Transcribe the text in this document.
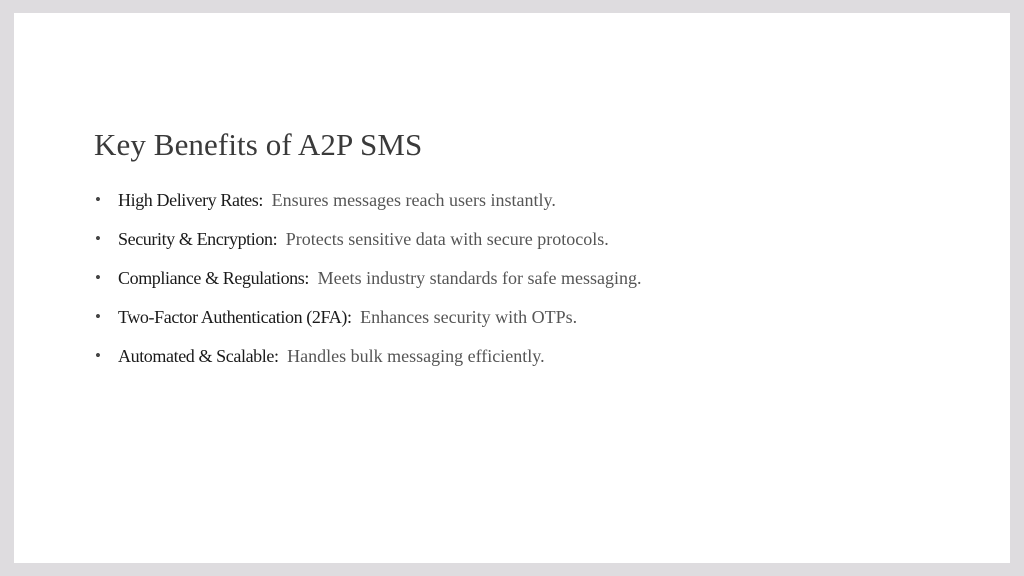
Key Benefits of A2P SMS
• High Delivery Rates:  Ensures messages reach users instantly.
• Security & Encryption:  Protects sensitive data with secure protocols.
• Compliance & Regulations:  Meets industry standards for safe messaging.
• Two-Factor Authentication (2FA):  Enhances security with OTPs.
• Automated & Scalable:  Handles bulk messaging efficiently.
